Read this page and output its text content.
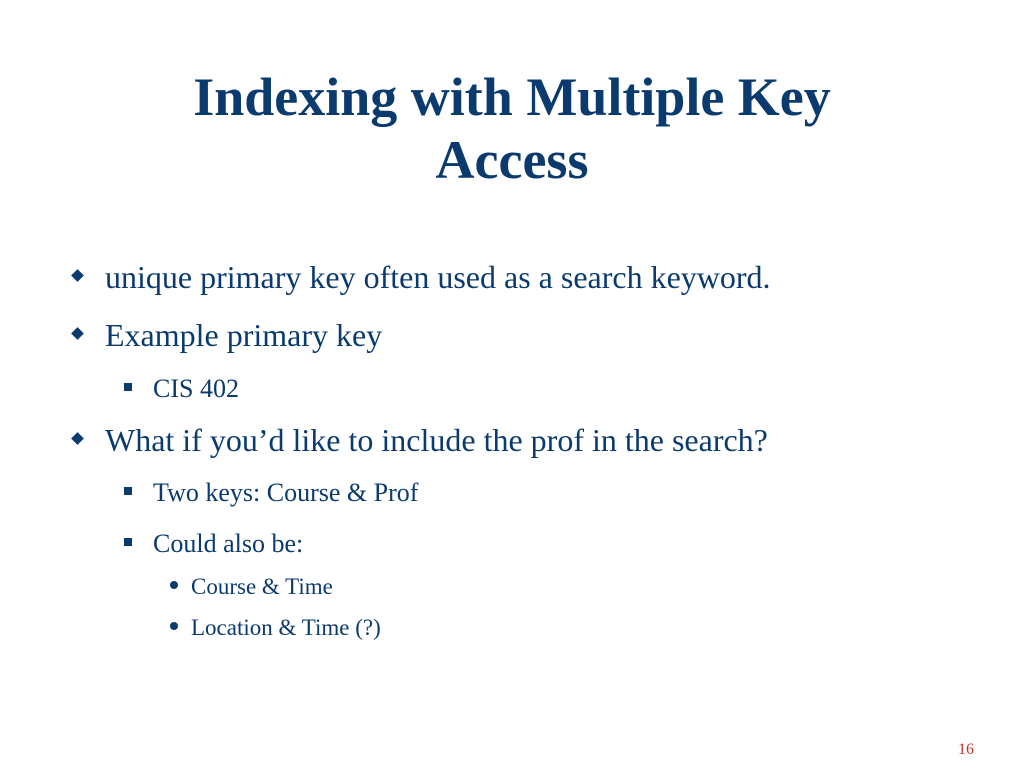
Indexing with Multiple Key
Access
unique primary key often used as a search keyword.
Example primary key
CIS 402
What if you’d like to include the prof in the search?
Two keys: Course & Prof
Could also be:
Course & Time
Location & Time (?)
16
